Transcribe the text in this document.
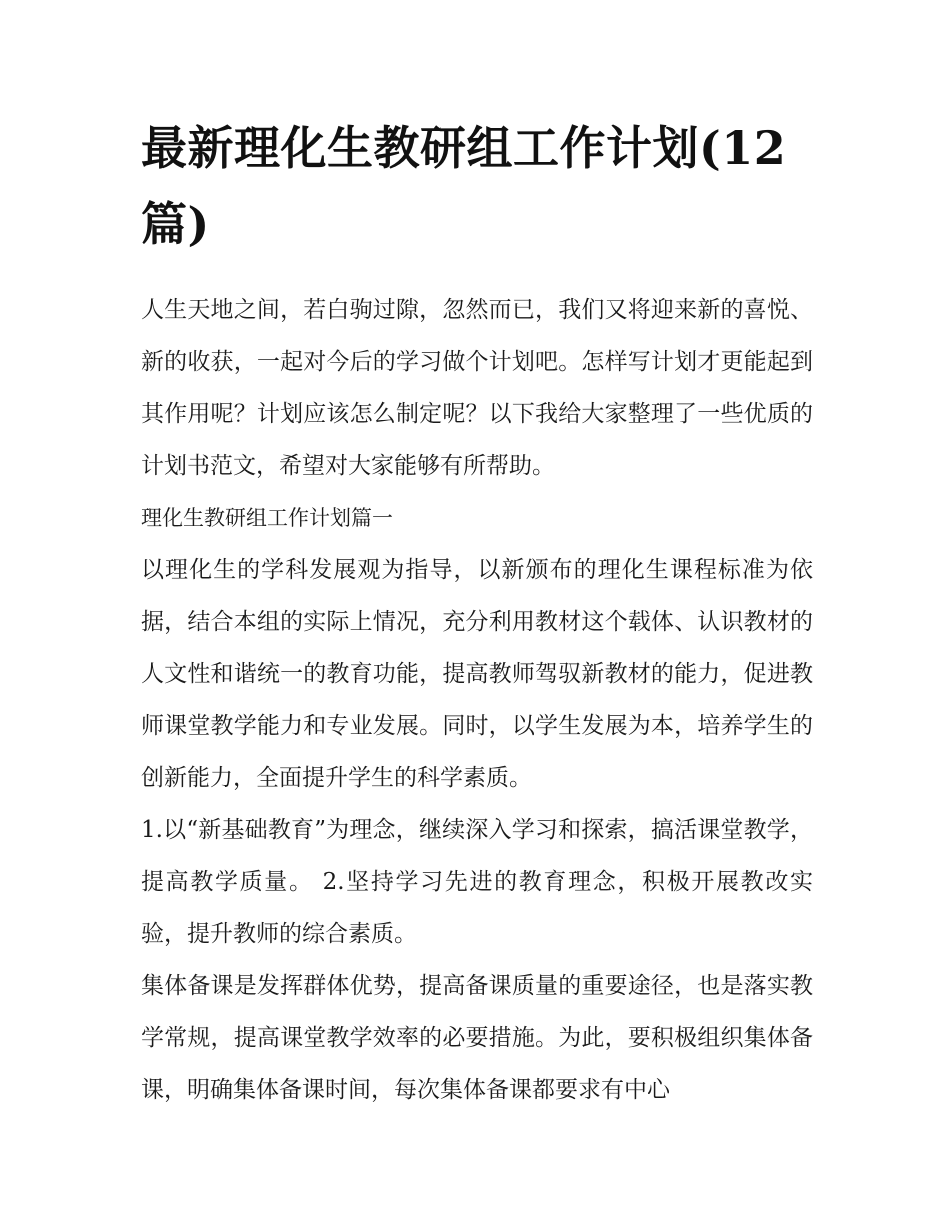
最新理化生教研组工作计划(12篇)

人生天地之间，若白驹过隙，忽然而已，我们又将迎来新的喜悦、新的收获，一起对今后的学习做个计划吧。怎样写计划才更能起到其作用呢？计划应该怎么制定呢？以下我给大家整理了一些优质的计划书范文，希望对大家能够有所帮助。

理化生教研组工作计划篇一

以理化生的学科发展观为指导，以新颁布的理化生课程标准为依据，结合本组的实际上情况，充分利用教材这个载体、认识教材的人文性和谐统一的教育功能，提高教师驾驭新教材的能力，促进教师课堂教学能力和专业发展。同时，以学生发展为本，培养学生的创新能力，全面提升学生的科学素质。

1.以“新基础教育”为理念，继续深入学习和探索，搞活课堂教学，提高教学质量。 2.坚持学习先进的教育理念，积极开展教改实验，提升教师的综合素质。

集体备课是发挥群体优势，提高备课质量的重要途径，也是落实教学常规，提高课堂教学效率的必要措施。为此，要积极组织集体备课，明确集体备课时间，每次集体备课都要求有中心
